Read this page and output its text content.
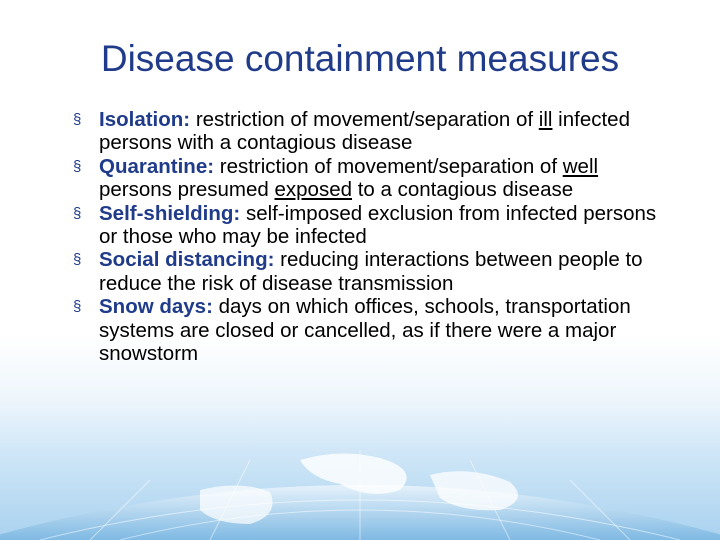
Disease containment measures
§ Isolation: restriction of movement/separation of ill infected persons with a contagious disease
§ Quarantine: restriction of movement/separation of well persons presumed exposed to a contagious disease
§ Self-shielding: self-imposed exclusion from infected persons or those who may be infected
§ Social distancing: reducing interactions between people to reduce the risk of disease transmission
§ Snow days: days on which offices, schools, transportation systems are closed or cancelled, as if there were a major snowstorm
